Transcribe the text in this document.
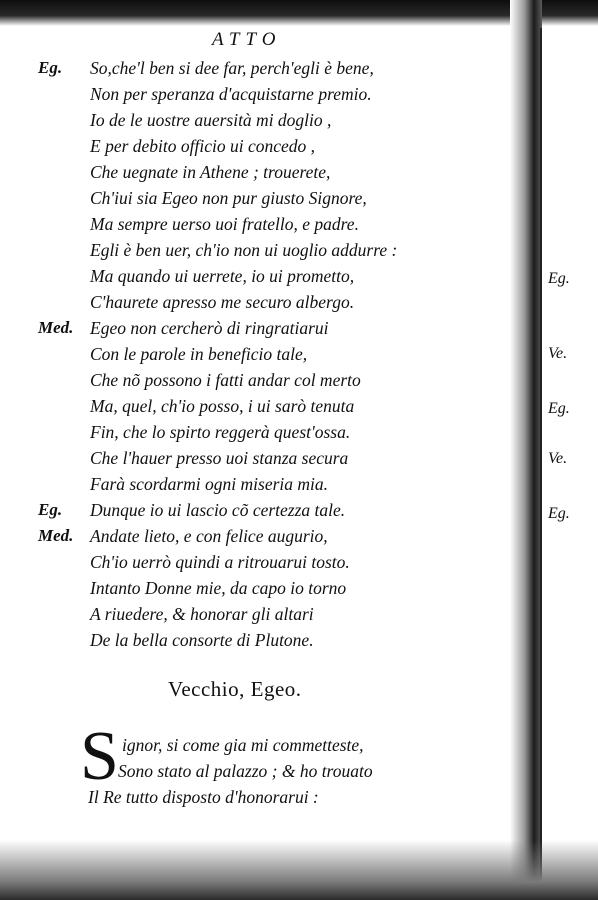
ATTO
Eg.	So,che'l ben si dee far, perch'egli è bene,
Non per speranza d'acquistarne premio.
Io de le uostre auersità mi doglio ,
E per debito officio ui concedo ,
Che uegnate in Athene ; trouerete,
Ch'iui sia Egeo non pur giusto Signore,
Ma sempre uerso uoi fratello, e padre.
Egli è ben uer, ch'io non ui uoglio addurre :
Ma quando ui uerrete, io ui prometto,
C'haurete apresso me securo albergo.
Med. Egeo non cercherò di ringratiarui
Con le parole in beneficio tale,
Che nõ possono i fatti andar col merto
Ma, quel, ch'io posso, i ui sarò tenuta
Fin, che lo spirto reggerà quest'ossa.
Che l'hauer presso uoi stanza secura
Farà scordarmi ogni miseria mia.
Eg.	Dunque io ui lascio cõ certezza tale.
Med. Andate lieto, e con felice augurio,
Ch'io uerrò quindi a ritrouarui tosto.
Intanto Donne mie, da capo io torno
A riuedere, & honorar gli altari
De la bella consorte di Plutone.
Vecchio, Egeo.
S ignor, si come gia mi commetteste,
Sono stato al palazzo ; & ho trouato
Il Re tutto disposto d'honorarui :
Eg.
Ve.
Eg.
Ve.
Eg.
